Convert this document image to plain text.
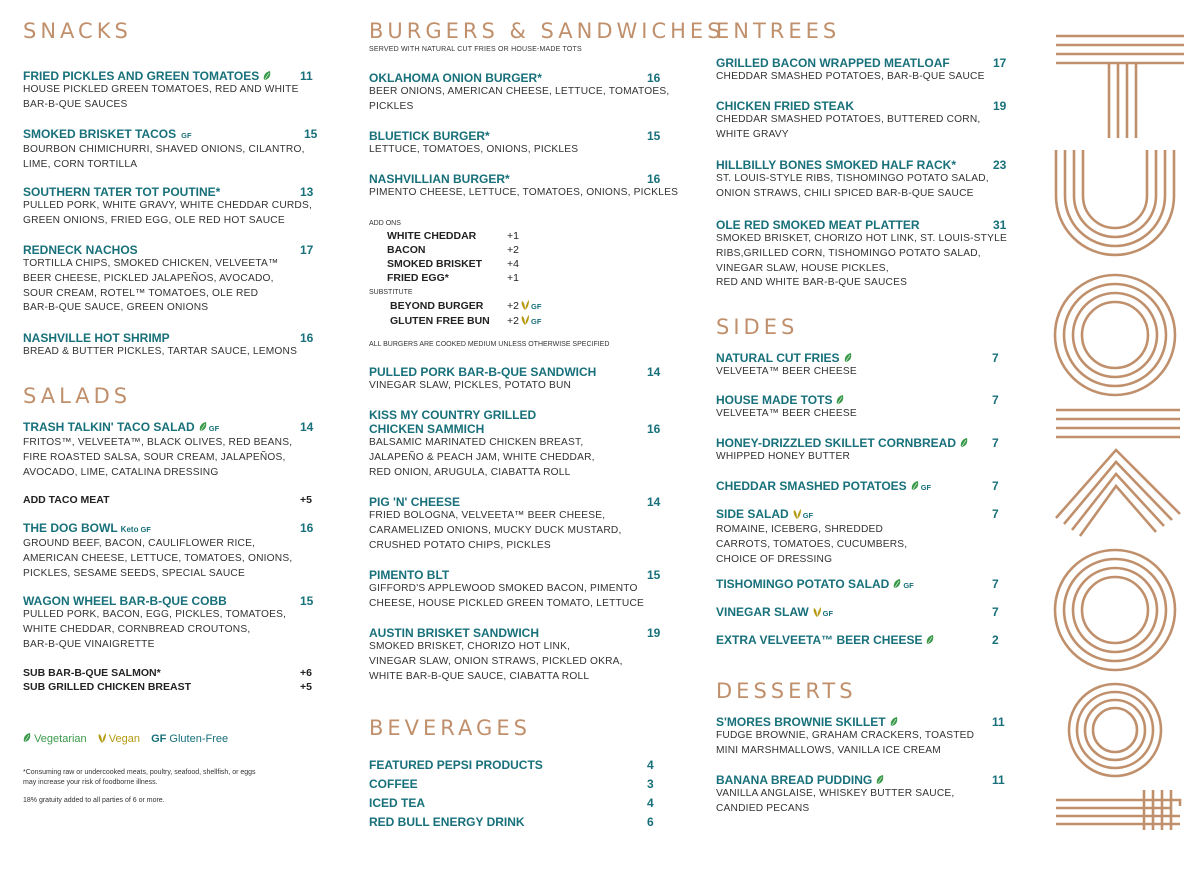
SNACKS
FRIED PICKLES AND GREEN TOMATOES	11
HOUSE PICKLED GREEN TOMATOES, RED AND WHITE
BAR-B-QUE SAUCES
SMOKED BRISKET TACOS GF	15
BOURBON CHIMICHURRI, SHAVED ONIONS, CILANTRO,
LIME, CORN TORTILLA
SOUTHERN TATER TOT POUTINE*	13
PULLED PORK, WHITE GRAVY, WHITE CHEDDAR CURDS,
GREEN ONIONS, FRIED EGG, OLE RED HOT SAUCE
REDNECK NACHOS	17
TORTILLA CHIPS, SMOKED CHICKEN, VELVEETA™
BEER CHEESE, PICKLED JALAPEÑOS, AVOCADO,
SOUR CREAM, ROTEL™ TOMATOES, OLE RED
BAR-B-QUE SAUCE, GREEN ONIONS
NASHVILLE HOT SHRIMP	16
BREAD & BUTTER PICKLES, TARTAR SAUCE, LEMONS
SALADS
TRASH TALKIN' TACO SALAD GF	14
FRITOS™, VELVEETA™, BLACK OLIVES, RED BEANS,
FIRE ROASTED SALSA, SOUR CREAM, JALAPEÑOS,
AVOCADO, LIME, CATALINA DRESSING
ADD TACO MEAT	+5
THE DOG BOWL Keto GF	16
GROUND BEEF, BACON, CAULIFLOWER RICE,
AMERICAN CHEESE, LETTUCE, TOMATOES, ONIONS,
PICKLES, SESAME SEEDS, SPECIAL SAUCE
WAGON WHEEL BAR-B-QUE COBB	15
PULLED PORK, BACON, EGG, PICKLES, TOMATOES,
WHITE CHEDDAR, CORNBREAD CROUTONS,
BAR-B-QUE VINAIGRETTE
SUB BAR-B-QUE SALMON*	+6
SUB GRILLED CHICKEN BREAST	+5
Vegetarian Vegan GF Gluten-Free
*Consuming raw or undercooked meats, poultry, seafood, shellfish, or eggs
may increase your risk of foodborne illness.
18% gratuity added to all parties of 6 or more.
BURGERS & SANDWICHES
SERVED WITH NATURAL CUT FRIES OR HOUSE-MADE TOTS
OKLAHOMA ONION BURGER*	16
BEER ONIONS, AMERICAN CHEESE, LETTUCE, TOMATOES,
PICKLES
BLUETICK BURGER*	15
LETTUCE, TOMATOES, ONIONS, PICKLES
NASHVILLIAN BURGER*	16
PIMENTO CHEESE, LETTUCE, TOMATOES, ONIONS, PICKLES
ADD ONS
WHITE CHEDDAR	+1
BACON	+2
SMOKED BRISKET +4
FRIED EGG*	+1
SUBSTITUTE
BEYOND BURGER +2 GF
GLUTEN FREE BUN +2 GF
ALL BURGERS ARE COOKED MEDIUM UNLESS OTHERWISE SPECIFIED
PULLED PORK BAR-B-QUE SANDWICH	14
VINEGAR SLAW, PICKLES, POTATO BUN
KISS MY COUNTRY GRILLED
CHICKEN SAMMICH	16
BALSAMIC MARINATED CHICKEN BREAST,
JALAPEÑO & PEACH JAM, WHITE CHEDDAR,
RED ONION, ARUGULA, CIABATTA ROLL
PIG 'N' CHEESE	14
FRIED BOLOGNA, VELVEETA™ BEER CHEESE,
CARAMELIZED ONIONS, MUCKY DUCK MUSTARD,
CRUSHED POTATO CHIPS, PICKLES
PIMENTO BLT	15
GIFFORD'S APPLEWOOD SMOKED BACON, PIMENTO
CHEESE, HOUSE PICKLED GREEN TOMATO, LETTUCE
AUSTIN BRISKET SANDWICH	19
SMOKED BRISKET, CHORIZO HOT LINK,
VINEGAR SLAW, ONION STRAWS, PICKLED OKRA,
WHITE BAR-B-QUE SAUCE, CIABATTA ROLL
BEVERAGES
FEATURED PEPSI PRODUCTS	4
COFFEE	3
ICED TEA	4
RED BULL ENERGY DRINK	6
ENTREES
GRILLED BACON WRAPPED MEATLOAF	17
CHEDDAR SMASHED POTATOES, BAR-B-QUE SAUCE
CHICKEN FRIED STEAK	19
CHEDDAR SMASHED POTATOES, BUTTERED CORN,
WHITE GRAVY
HILLBILLY BONES SMOKED HALF RACK*	23
ST. LOUIS-STYLE RIBS, TISHOMINGO POTATO SALAD,
ONION STRAWS, CHILI SPICED BAR-B-QUE SAUCE
OLE RED SMOKED MEAT PLATTER	31
SMOKED BRISKET, CHORIZO HOT LINK, ST. LOUIS-STYLE
RIBS,GRILLED CORN, TISHOMINGO POTATO SALAD,
VINEGAR SLAW, HOUSE PICKLES,
RED AND WHITE BAR-B-QUE SAUCES
SIDES
NATURAL CUT FRIES	7
VELVEETA™ BEER CHEESE
HOUSE MADE TOTS	7
VELVEETA™ BEER CHEESE
HONEY-DRIZZLED SKILLET CORNBREAD	7
WHIPPED HONEY BUTTER
CHEDDAR SMASHED POTATOES GF	7
SIDE SALAD GF	7
ROMAINE, ICEBERG, SHREDDED
CARROTS, TOMATOES, CUCUMBERS,
CHOICE OF DRESSING
TISHOMINGO POTATO SALAD GF	7
VINEGAR SLAW GF	7
EXTRA VELVEETA™ BEER CHEESE	2
DESSERTS
S'MORES BROWNIE SKILLET	11
FUDGE BROWNIE, GRAHAM CRACKERS, TOASTED
MINI MARSHMALLOWS, VANILLA ICE CREAM
BANANA BREAD PUDDING	11
VANILLA ANGLAISE, WHISKEY BUTTER SAUCE,
CANDIED PECANS
